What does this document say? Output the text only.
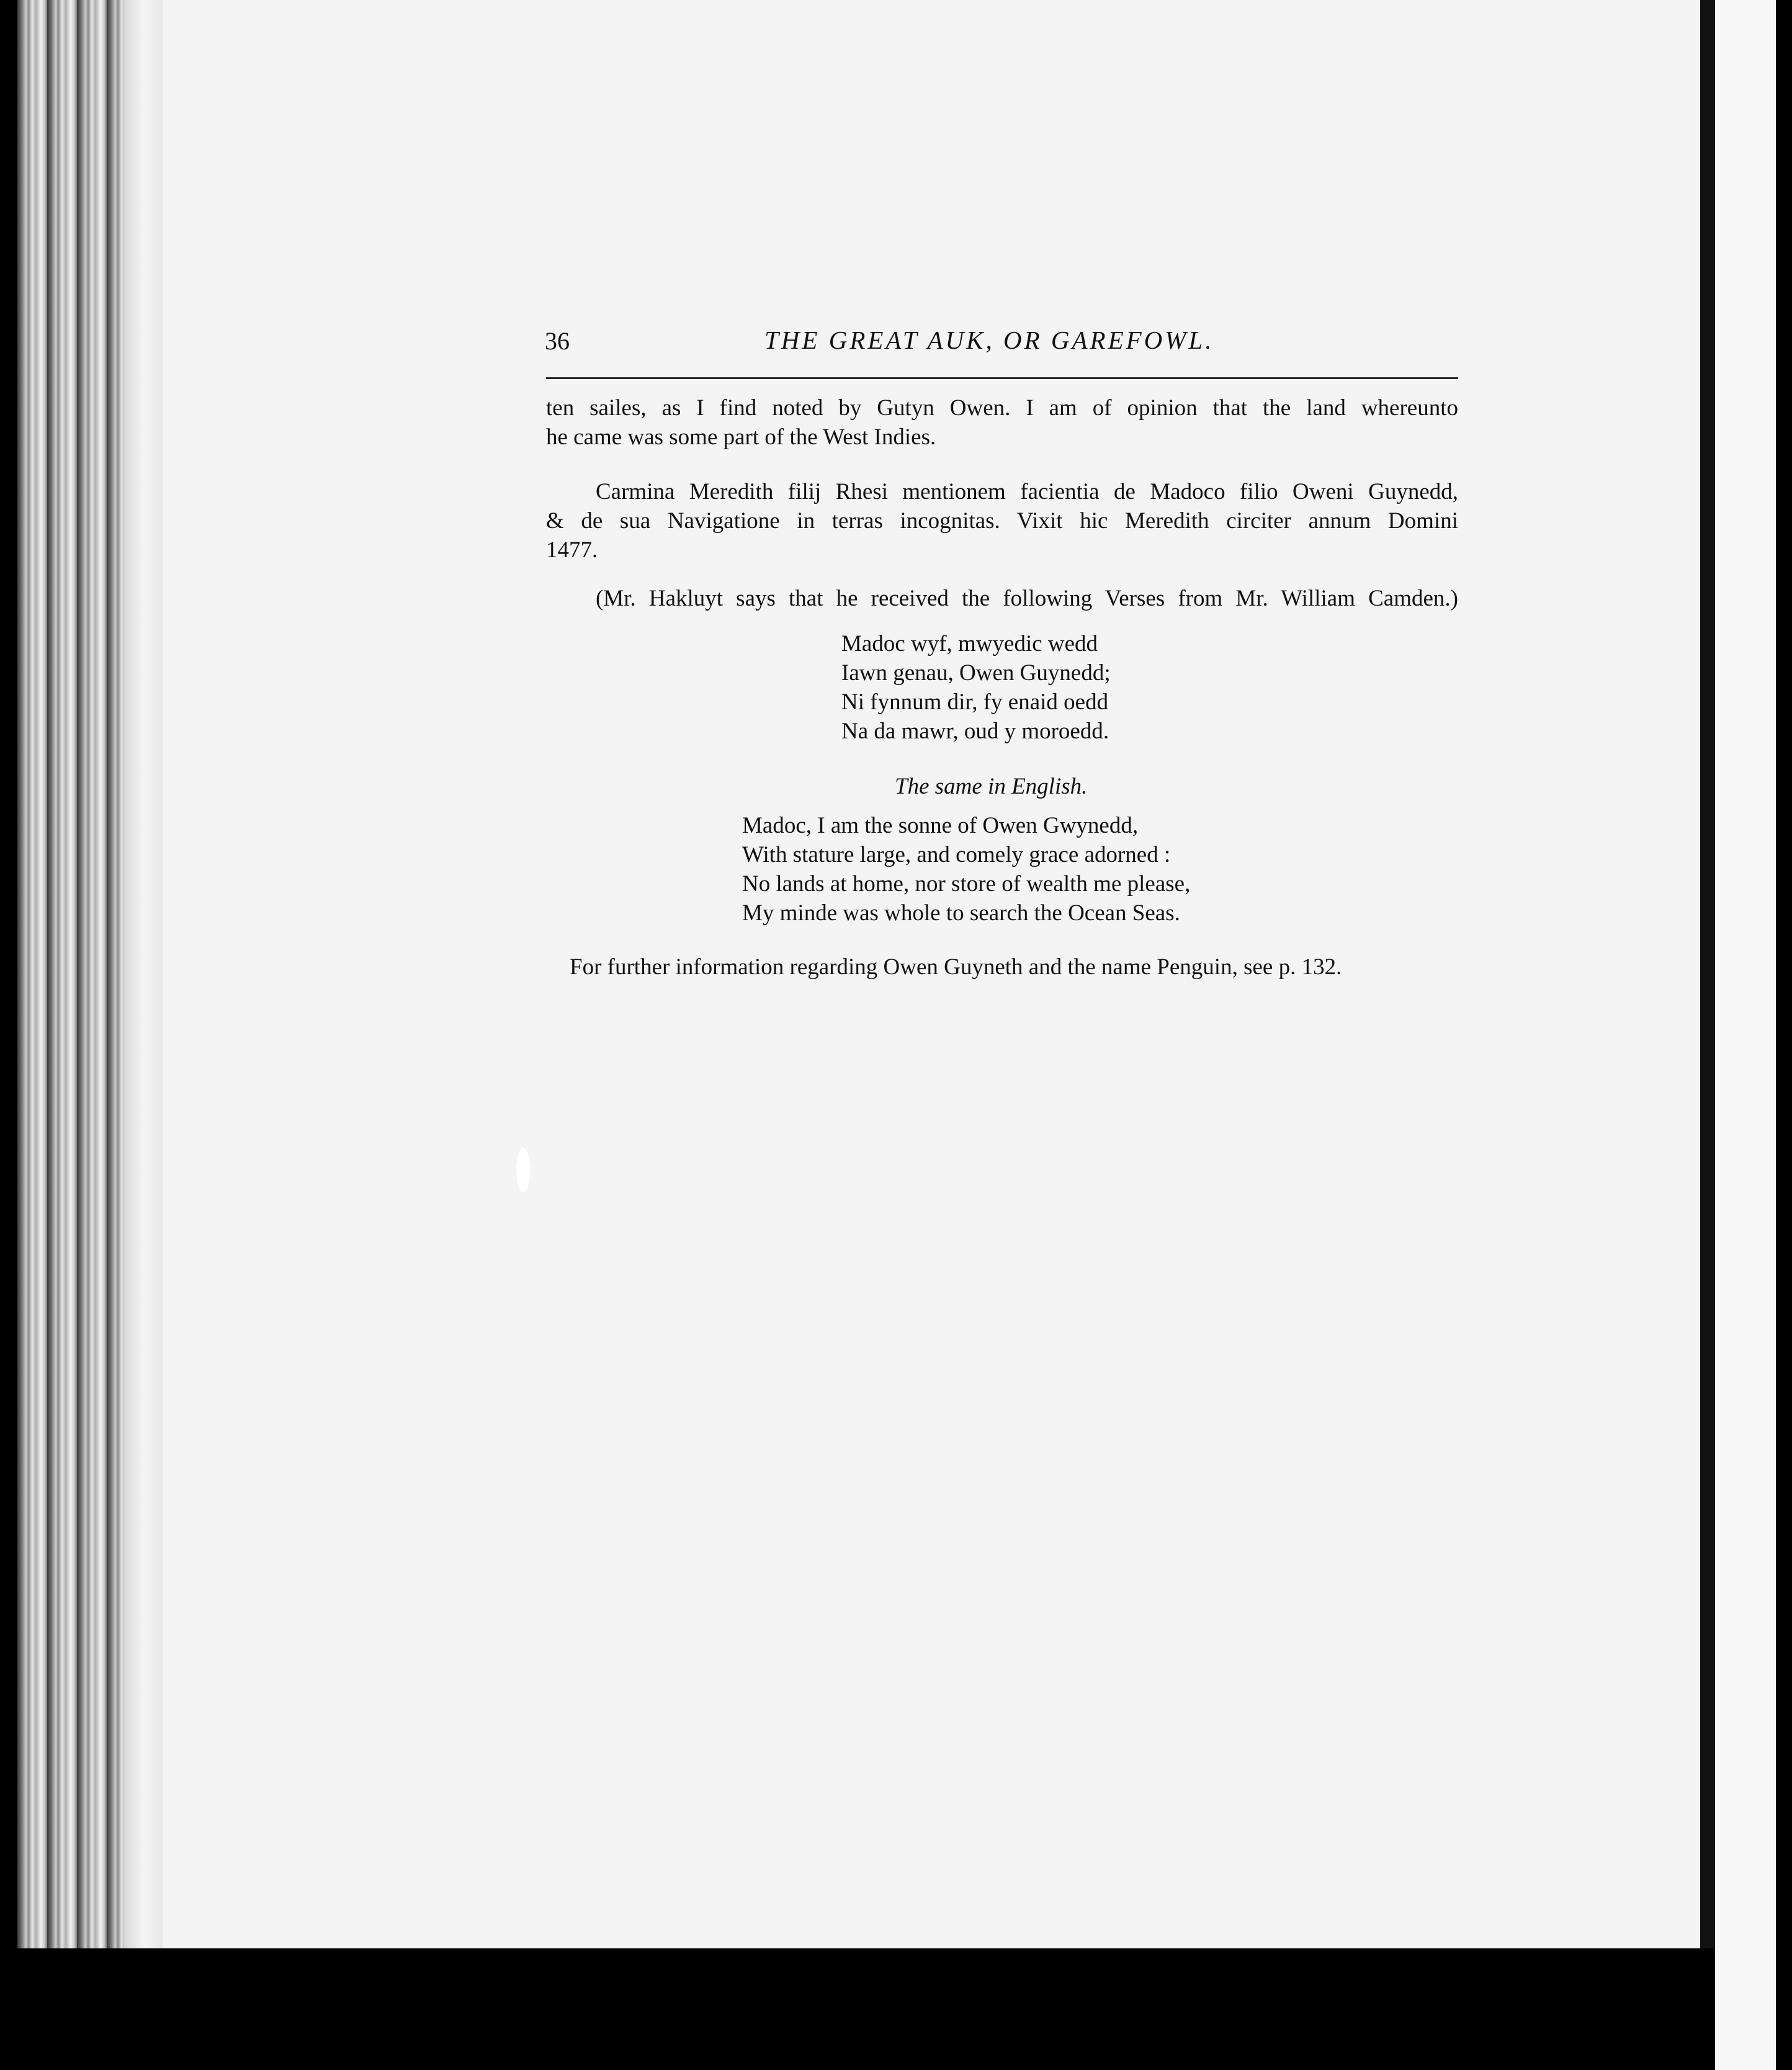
36	THE GREAT AUK, OR GAREFOWL.
ten sailes, as I find noted by Gutyn Owen. I am of opinion that the land whereunto
he came was some part of the West Indies.
Carmina Meredith filij Rhesi mentionem facientia de Madoco filio Oweni Guynedd,
& de sua Navigatione in terras incognitas. Vixit hic Meredith circiter annum Domini
1477.
(Mr. Hakluyt says that he received the following Verses from Mr. William Camden.)
Madoc wyf, mwyedic wedd
Iawn genau, Owen Guynedd;
Ni fynnum dir, fy enaid oedd
Na da mawr, oud y moroedd.
The same in English.
Madoc, I am the sonne of Owen Gwynedd,
With stature large, and comely grace adorned :
No lands at home, nor store of wealth me please,
My minde was whole to search the Ocean Seas.
For further information regarding Owen Guyneth and the name Penguin, see p. 132.
